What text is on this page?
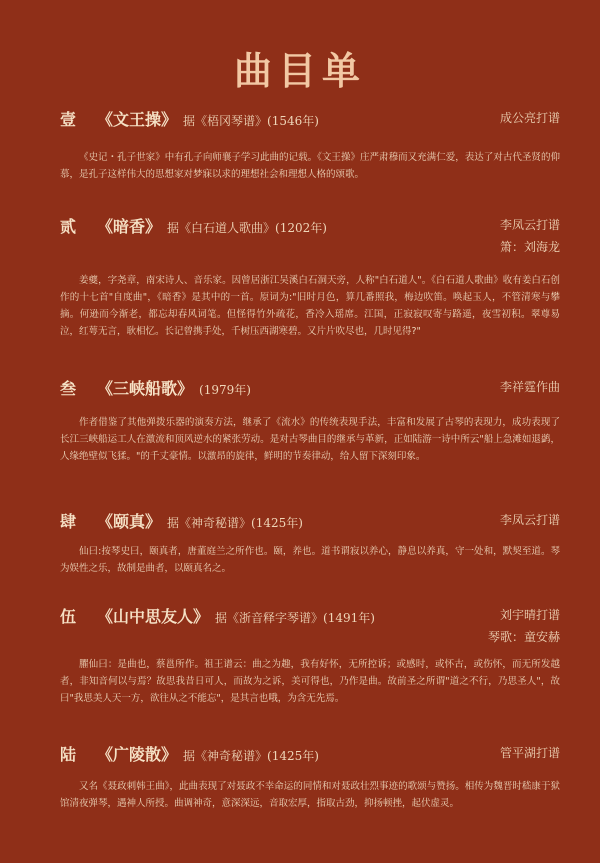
曲目单
壹 《文王操》 据《梧冈琴谱》(1546年)	成公亮打谱
《史记・孔子世家》中有孔子向师襄子学习此曲的记载。《文王操》庄严肃穆而又充满仁爱，表达了对古代圣贤的仰慕，是孔子这样伟大的思想家对梦寐以求的理想社会和理想人格的颂歌。
贰 《暗香》 据《白石道人歌曲》(1202年)	李凤云打谱
箫：刘海龙
姜夔，字尧章，南宋诗人、音乐家。因曾居浙江吴溪白石洞天旁，人称"白石道人"。《白石道人歌曲》收有姜白石创作的十七首"自度曲"，《暗香》是其中的一首。原词为:"旧时月色，算几番照我，梅边吹笛。唤起玉人，不管清寒与攀摘。何逊而今渐老，都忘却春风词笔。但怪得竹外疏花，香冷入瑶席。江国，正寂寂叹寄与路遥，夜雪初积。翠尊易泣，红萼无言，耿相忆。长记曾携手处，千树压西湖寒碧。又片片吹尽也，几时见得?"
叁 《三峡船歌》 (1979年)	李祥霆作曲
作者借鉴了其他弹拨乐器的演奏方法，继承了《流水》的传统表现手法，丰富和发展了古琴的表现力，成功表现了长江三峡船运工人在激流和顶风逆水的紧张劳动。是对古琴曲目的继承与革新，正如陆游一诗中所云"船上急滩如退鹢，人缘绝壁似飞猱。"的千丈豪情。以激昂的旋律，鲜明的节奏律动，给人留下深刻印象。
肆 《颐真》 据《神奇秘谱》(1425年)	李凤云打谱
仙曰:按琴史曰，颐真者，唐董庭兰之所作也。颐，养也。道书谓寂以养心，静息以养真，守一处和，默契至道。琴为娱性之乐，故制是曲者，以颐真名之。
伍 《山中思友人》 据《浙音释字琴谱》(1491年)	刘宇晴打谱
琴歌：童安赫
臞仙曰：是曲也，蔡邕所作。祖王谱云：曲之为趣，我有好怀，无所控诉；或感时，或怀古，或伤怀，而无所发越者，非知音何以与焉？故思我昔日可人，而故为之诉，美可得也，乃作是曲。故前圣之所谓"道之不行，乃思圣人"，故曰"我思美人天一方，欲往从之不能忘"，是其言也哦，为含无先焉。
陆 《广陵散》 据《神奇秘谱》(1425年)	管平湖打谱
又名《聂政刺韩王曲》，此曲表现了对聂政不幸命运的同情和对聂政壮烈事迹的歌颂与赞扬。相传为魏晋时嵇康于狱馆清夜弹琴，遇神人所授。曲调神奇，意深深远，音取宏厚，指取古劲，抑扬顿挫，起伏虚灵。
